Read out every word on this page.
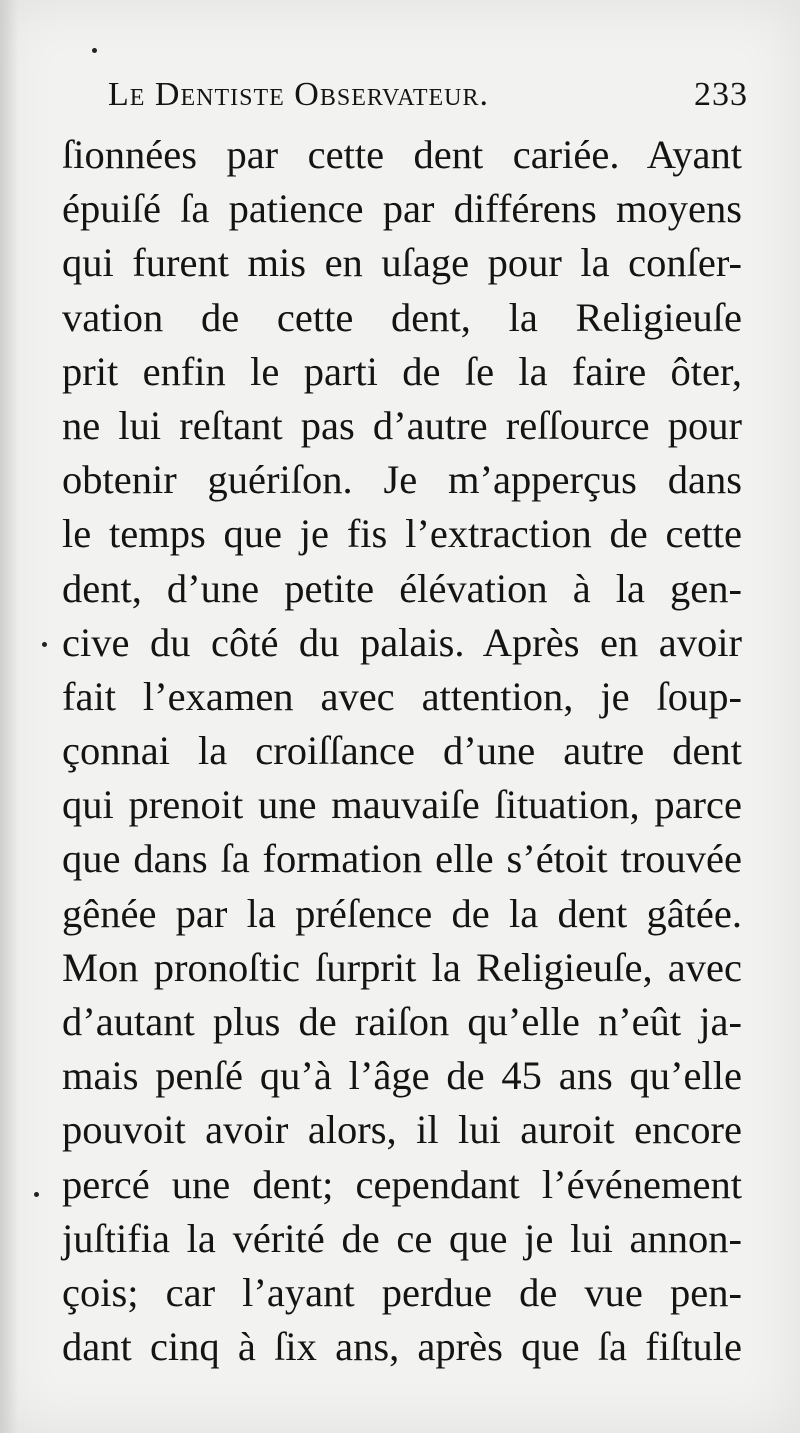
Le Dentiste Observateur.	233
ſionnées par cette dent cariée. Ayant
épuiſé ſa patience par différens moyens
qui furent mis en uſage pour la conſer-
vation de cette dent, la Religieuſe
prit enfin le parti de ſe la faire ôter,
ne lui reſtant pas d’autre reſſource pour
obtenir guériſon. Je m’apperçus dans
le temps que je fis l’extraction de cette
dent, d’une petite élévation à la gen-
cive du côté du palais. Après en avoir
fait l’examen avec attention, je ſoup-
çonnai la croiſſance d’une autre dent
qui prenoit une mauvaiſe ſituation, parce
que dans ſa formation elle s’étoit trouvée
gênée par la préſence de la dent gâtée.
Mon pronoſtic ſurprit la Religieuſe, avec
d’autant plus de raiſon qu’elle n’eût ja-
mais penſé qu’à l’âge de 45 ans qu’elle
pouvoit avoir alors, il lui auroit encore
percé une dent; cependant l’événement
juſtifia la vérité de ce que je lui annon-
çois; car l’ayant perdue de vue pen-
dant cinq à ſix ans, après que ſa fiſtule
